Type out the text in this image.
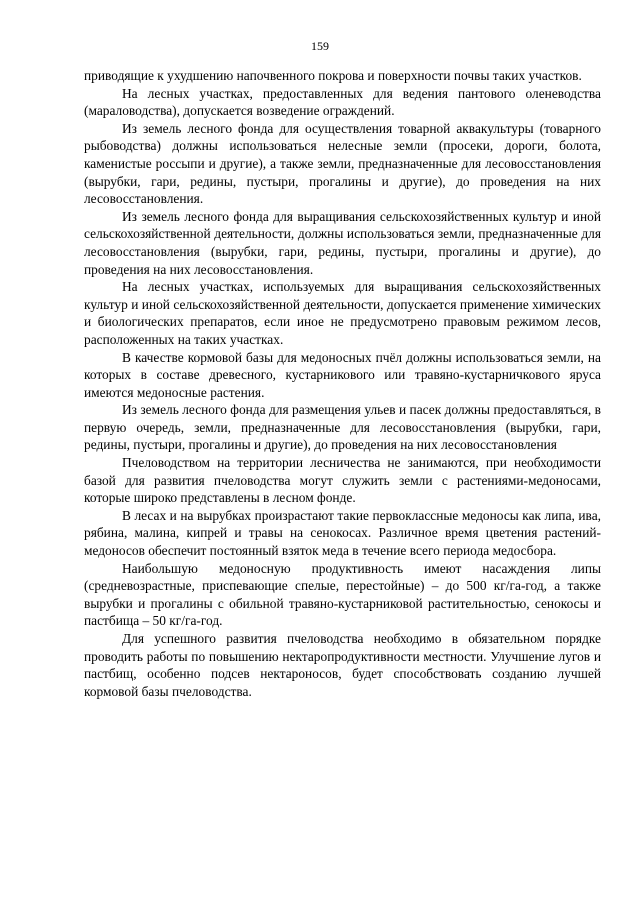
159

приводящие к ухудшению напочвенного покрова и поверхности почвы таких участков.

На лесных участках, предоставленных для ведения пантового оленеводства (мараловодства), допускается возведение ограждений.

Из земель лесного фонда для осуществления товарной аквакультуры (товарного рыбоводства) должны использоваться нелесные земли (просеки, дороги, болота, каменистые россыпи и другие), а также земли, предназначенные для лесовосстановления (вырубки, гари, редины, пустыри, прогалины и другие), до проведения на них лесовосстановления.

Из земель лесного фонда для выращивания сельскохозяйственных культур и иной сельскохозяйственной деятельности, должны использоваться земли, предназначенные для лесовосстановления (вырубки, гари, редины, пустыри, прогалины и другие), до проведения на них лесовосстановления.

На лесных участках, используемых для выращивания сельскохозяйственных культур и иной сельскохозяйственной деятельности, допускается применение химических и биологических препаратов, если иное не предусмотрено правовым режимом лесов, расположенных на таких участках.

В качестве кормовой базы для медоносных пчёл должны использоваться земли, на которых в составе древесного, кустарникового или травяно-кустарничкового яруса имеются медоносные растения.

Из земель лесного фонда для размещения ульев и пасек должны предоставляться, в первую очередь, земли, предназначенные для лесовосстановления (вырубки, гари, редины, пустыри, прогалины и другие), до проведения на них лесовосстановления

Пчеловодством на территории лесничества не занимаются, при необходимости базой для развития пчеловодства могут служить земли с растениями-медоносами, которые широко представлены в лесном фонде.

В лесах и на вырубках произрастают такие первоклассные медоносы как липа, ива, рябина, малина, кипрей и травы на сенокосах. Различное время цветения растений-медоносов обеспечит постоянный взяток меда в течение всего периода медосбора.

Наибольшую медоносную продуктивность имеют насаждения липы (средневозрастные, приспевающие спелые, перестойные) – до 500 кг/га-год, а также вырубки и прогалины с обильной травяно-кустарниковой растительностью, сенокосы и пастбища – 50 кг/га-год.

Для успешного развития пчеловодства необходимо в обязательном порядке проводить работы по повышению нектаропродуктивности местности. Улучшение лугов и пастбищ, особенно подсев нектароносов, будет способствовать созданию лучшей кормовой базы пчеловодства.
